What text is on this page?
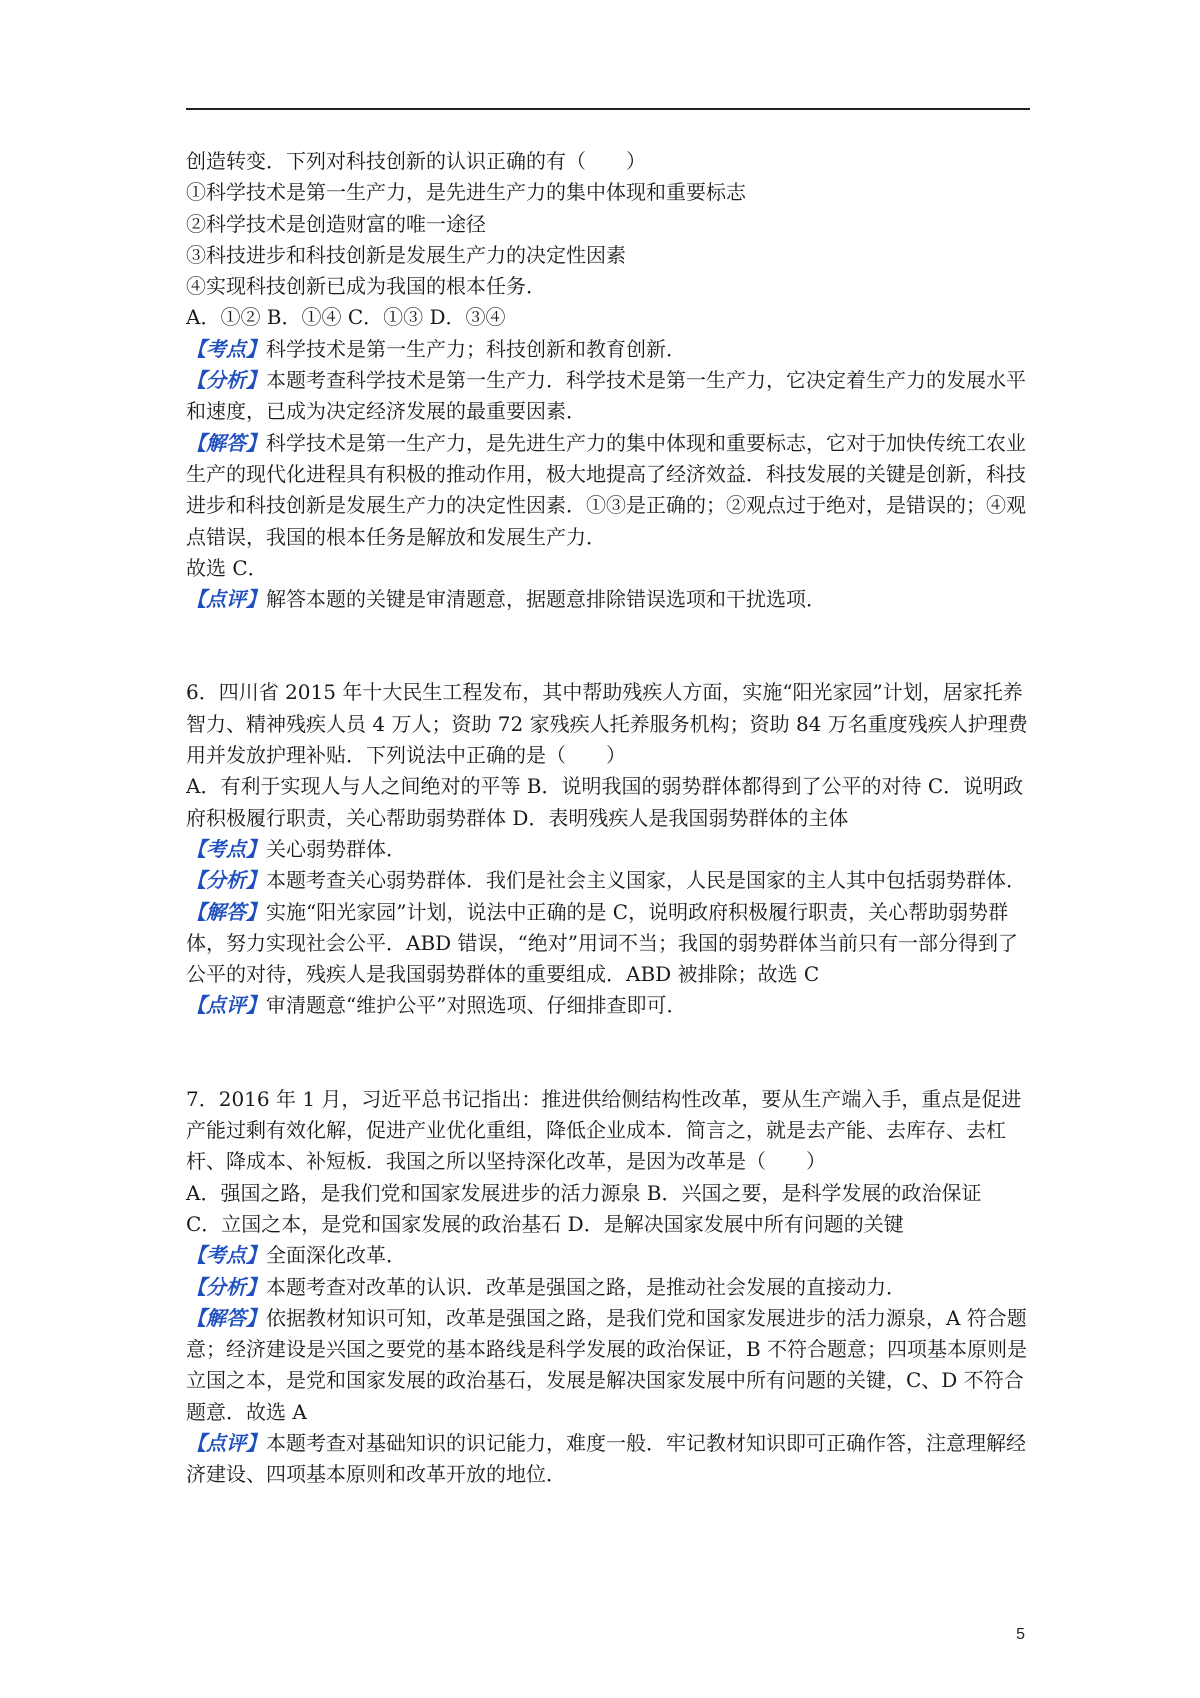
创造转变．下列对科技创新的认识正确的有（　　）

①科学技术是第一生产力，是先进生产力的集中体现和重要标志

②科学技术是创造财富的唯一途径

③科技进步和科技创新是发展生产力的决定性因素

④实现科技创新已成为我国的根本任务．

A．①② B．①④ C．①③ D．③④

【考点】科学技术是第一生产力；科技创新和教育创新．

【分析】本题考查科学技术是第一生产力．科学技术是第一生产力，它决定着生产力的发展水平和速度，已成为决定经济发展的最重要因素．

【解答】科学技术是第一生产力，是先进生产力的集中体现和重要标志，它对于加快传统工农业生产的现代化进程具有积极的推动作用，极大地提高了经济效益．科技发展的关键是创新，科技进步和科技创新是发展生产力的决定性因素．①③是正确的；②观点过于绝对，是错误的；④观点错误，我国的根本任务是解放和发展生产力．

故选 C．

【点评】解答本题的关键是审清题意，据题意排除错误选项和干扰选项．

6．四川省 2015 年十大民生工程发布，其中帮助残疾人方面，实施“阳光家园”计划，居家托养智力、精神残疾人员 4 万人；资助 72 家残疾人托养服务机构；资助 84 万名重度残疾人护理费用并发放护理补贴．下列说法中正确的是（　　）

A．有利于实现人与人之间绝对的平等 B．说明我国的弱势群体都得到了公平的对待 C．说明政府积极履行职责，关心帮助弱势群体 D．表明残疾人是我国弱势群体的主体

【考点】关心弱势群体．

【分析】本题考查关心弱势群体．我们是社会主义国家，人民是国家的主人其中包括弱势群体．

【解答】实施“阳光家园”计划，说法中正确的是 C，说明政府积极履行职责，关心帮助弱势群体，努力实现社会公平．ABD 错误，“绝对”用词不当；我国的弱势群体当前只有一部分得到了公平的对待，残疾人是我国弱势群体的重要组成．ABD 被排除；故选 C

【点评】审清题意“维护公平”对照选项、仔细排查即可．

7．2016 年 1 月，习近平总书记指出：推进供给侧结构性改革，要从生产端入手，重点是促进产能过剩有效化解，促进产业优化重组，降低企业成本．简言之，就是去产能、去库存、去杠杆、降成本、补短板．我国之所以坚持深化改革，是因为改革是（　　）

A．强国之路，是我们党和国家发展进步的活力源泉 B．兴国之要，是科学发展的政治保证

C．立国之本，是党和国家发展的政治基石 D．是解决国家发展中所有问题的关键

【考点】全面深化改革．

【分析】本题考查对改革的认识．改革是强国之路，是推动社会发展的直接动力．

【解答】依据教材知识可知，改革是强国之路，是我们党和国家发展进步的活力源泉，A 符合题意；经济建设是兴国之要党的基本路线是科学发展的政治保证，B 不符合题意；四项基本原则是立国之本，是党和国家发展的政治基石，发展是解决国家发展中所有问题的关键，C、D 不符合题意．故选 A

【点评】本题考查对基础知识的识记能力，难度一般．牢记教材知识即可正确作答，注意理解经济建设、四项基本原则和改革开放的地位．

5
